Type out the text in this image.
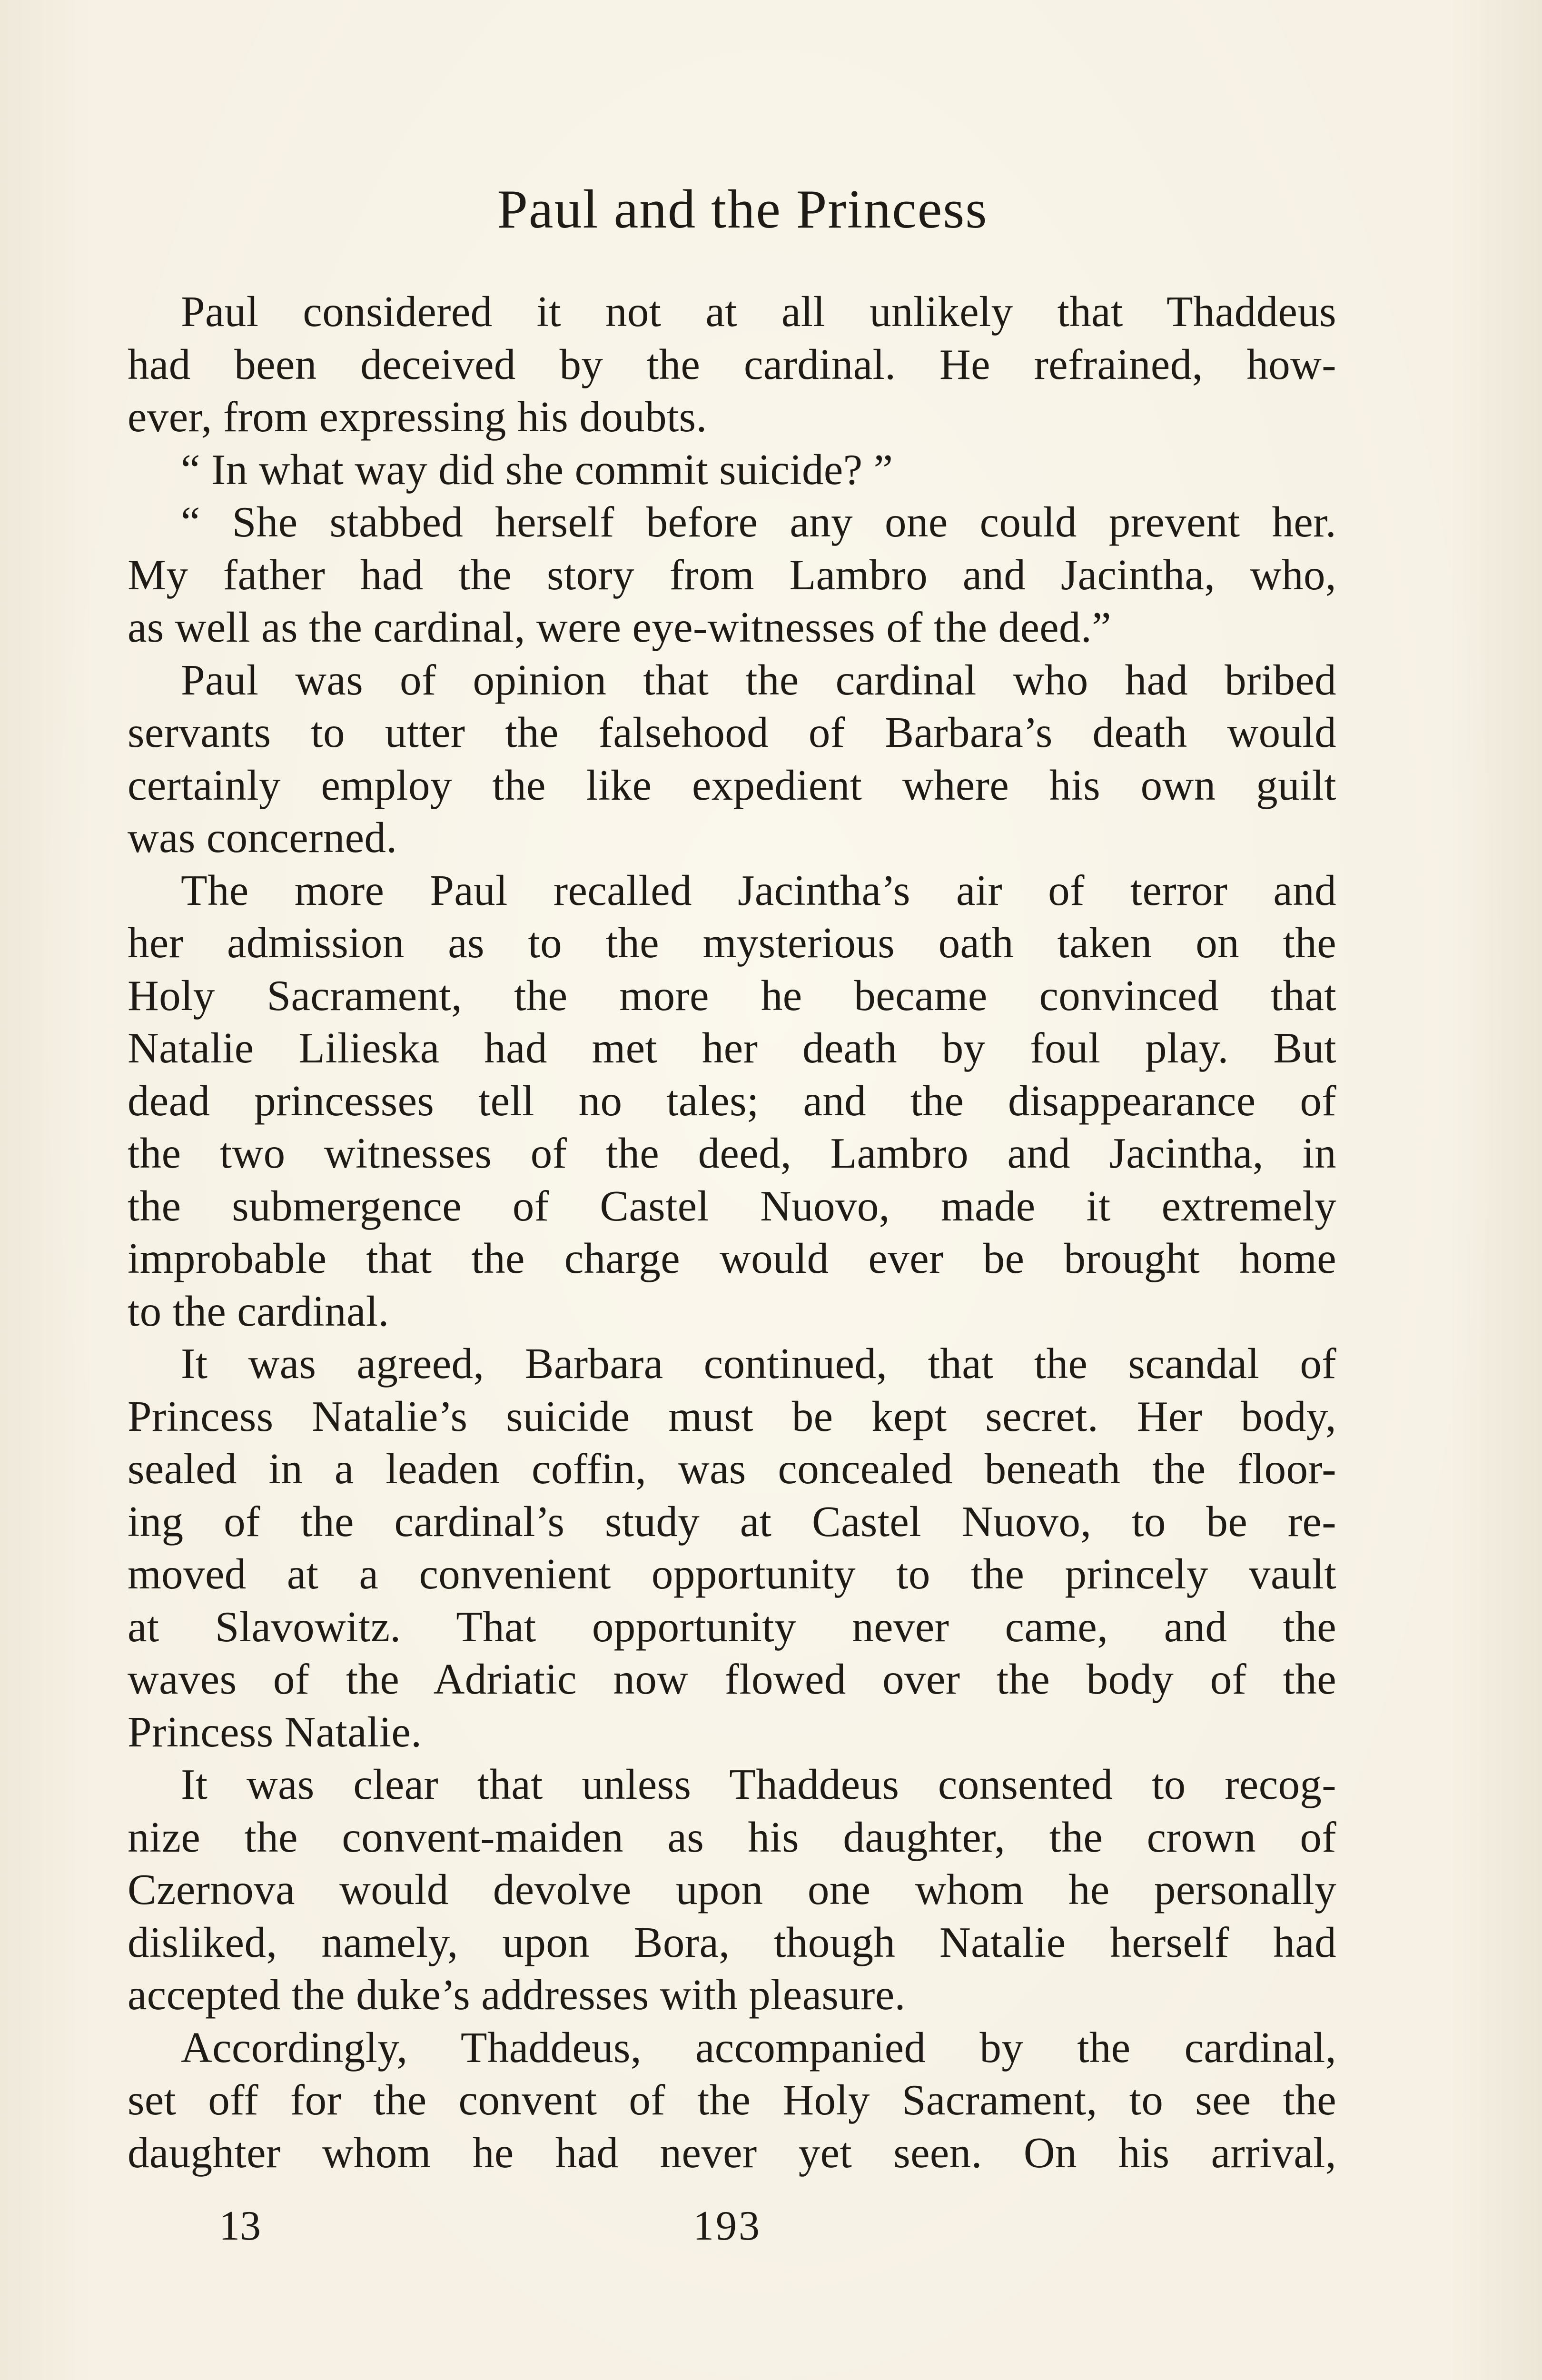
Paul and the Princess
Paul considered it not at all unlikely that Thaddeus
had been deceived by the cardinal. He refrained, how-
ever, from expressing his doubts.
“ In what way did she commit suicide? ”
“ She stabbed herself before any one could prevent her.
My father had the story from Lambro and Jacintha, who,
as well as the cardinal, were eye-witnesses of the deed.”
Paul was of opinion that the cardinal who had bribed
servants to utter the falsehood of Barbara’s death would
certainly employ the like expedient where his own guilt
was concerned.
The more Paul recalled Jacintha’s air of terror and
her admission as to the mysterious oath taken on the
Holy Sacrament, the more he became convinced that
Natalie Lilieska had met her death by foul play. But
dead princesses tell no tales; and the disappearance of
the two witnesses of the deed, Lambro and Jacintha, in
the submergence of Castel Nuovo, made it extremely
improbable that the charge would ever be brought home
to the cardinal.
It was agreed, Barbara continued, that the scandal of
Princess Natalie’s suicide must be kept secret. Her body,
sealed in a leaden coffin, was concealed beneath the floor-
ing of the cardinal’s study at Castel Nuovo, to be re-
moved at a convenient opportunity to the princely vault
at Slavowitz. That opportunity never came, and the
waves of the Adriatic now flowed over the body of the
Princess Natalie.
It was clear that unless Thaddeus consented to recog-
nize the convent-maiden as his daughter, the crown of
Czernova would devolve upon one whom he personally
disliked, namely, upon Bora, though Natalie herself had
accepted the duke’s addresses with pleasure.
Accordingly, Thaddeus, accompanied by the cardinal,
set off for the convent of the Holy Sacrament, to see the
daughter whom he had never yet seen. On his arrival,
13	193
